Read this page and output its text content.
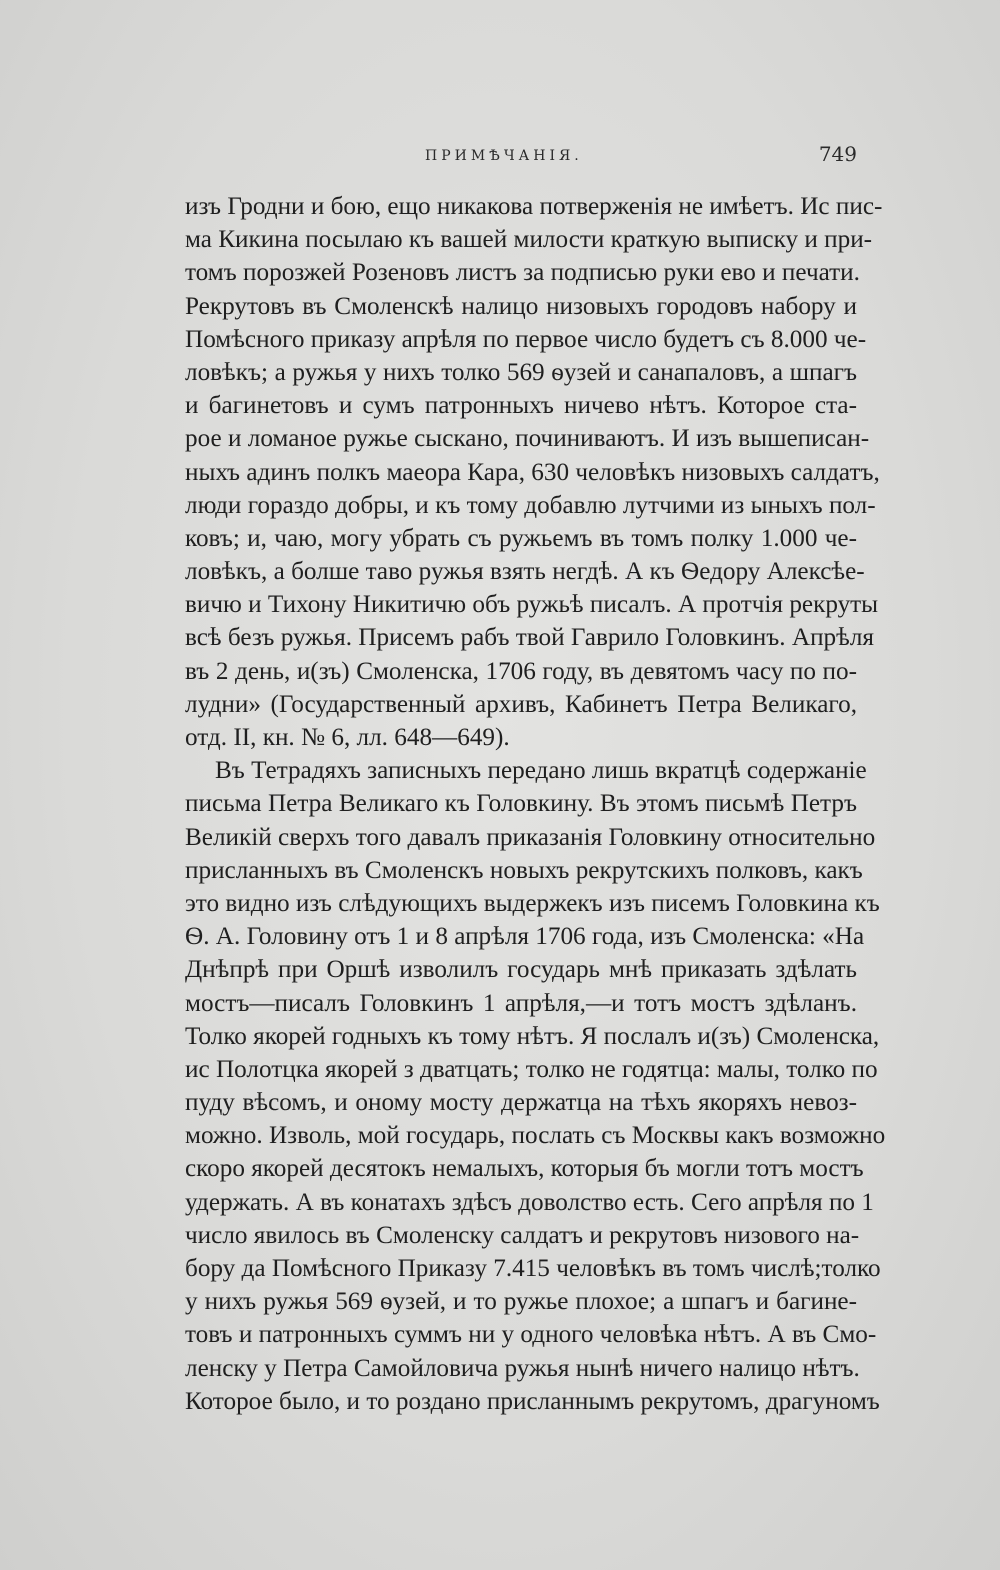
ПРИМѢЧАНІЯ.	749
изъ Гродни и бою, ещо никакова потверженія не имѣетъ. Ис пис-
ма Кикина посылаю къ вашей милости краткую выписку и при-
томъ порозжей Розеновъ листъ за подписью руки ево и печати.
Рекрутовъ въ Смоленскѣ налицо низовыхъ городовъ набору и
Помѣсного приказу апрѣля по первое число будетъ съ 8.000 че-
ловѣкъ; а ружья у нихъ толко 569 ѳузей и санапаловъ, а шпагъ
и багинетовъ и сумъ патронныхъ ничево нѣтъ. Которое ста-
рое и ломаное ружье сыскано, починиваютъ. И изъ вышеписан-
ныхъ адинъ полкъ маеора Кара, 630 человѣкъ низовыхъ салдатъ,
люди гораздо добры, и къ тому добавлю лутчими из ыныхъ пол-
ковъ; и, чаю, могу убрать съ ружьемъ въ томъ полку 1.000 че-
ловѣкъ, а болше таво ружья взять негдѣ. А къ Ѳедору Алексѣе-
вичю и Тихону Никитичю объ ружьѣ писалъ. А протчія рекруты
всѣ безъ ружья. Присемъ рабъ твой Гаврило Головкинъ. Апрѣля
въ 2 день, и(зъ) Смоленска, 1706 году, въ девятомъ часу по по-
лудни» (Государственный архивъ, Кабинетъ Петра Великаго,
отд. II, кн. № 6, лл. 648—649).
Въ Тетрадяхъ записныхъ передано лишь вкратцѣ содержаніе
письма Петра Великаго къ Головкину. Въ этомъ письмѣ Петръ
Великій сверхъ того давалъ приказанія Головкину относительно
присланныхъ въ Смоленскъ новыхъ рекрутскихъ полковъ, какъ
это видно изъ слѣдующихъ выдержекъ изъ писемъ Головкина къ
Ѳ. А. Головину отъ 1 и 8 апрѣля 1706 года, изъ Смоленска: «На
Днѣпрѣ при Оршѣ изволилъ государь мнѣ приказать здѣлать
мостъ—писалъ Головкинъ 1 апрѣля,—и тотъ мостъ здѣланъ.
Толко якорей годныхъ къ тому нѣтъ. Я послалъ и(зъ) Смоленска,
ис Полотцка якорей з дватцать; толко не годятца: малы, толко по
пуду вѣсомъ, и оному мосту держатца на тѣхъ якоряхъ невоз-
можно. Изволь, мой государь, послать съ Москвы какъ возможно
скоро якорей десятокъ немалыхъ, которыя бъ могли тотъ мостъ
удержать. А въ конатахъ здѣсъ доволство есть. Сего апрѣля по 1
число явилось въ Смоленску салдатъ и рекрутовъ низового на-
бору да Помѣсного Приказу 7.415 человѣкъ въ томъ числѣ;толко
у нихъ ружья 569 ѳузей, и то ружье плохое; а шпагъ и багине-
товъ и патронныхъ суммъ ни у одного человѣка нѣтъ. А въ Смо-
ленску у Петра Самойловича ружья нынѣ ничего налицо нѣтъ.
Которое было, и то роздано присланнымъ рекрутомъ, драгуномъ
